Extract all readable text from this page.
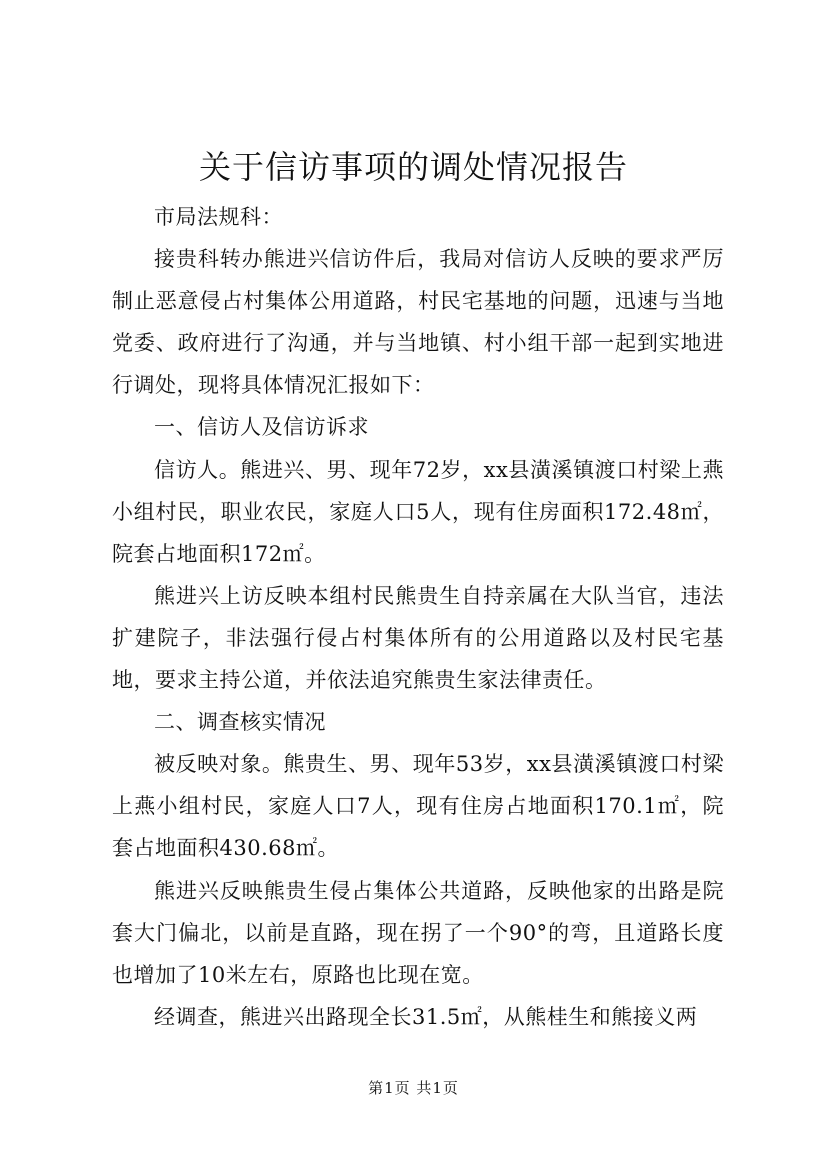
关于信访事项的调处情况报告

市局法规科：

接贵科转办熊进兴信访件后，我局对信访人反映的要求严厉制止恶意侵占村集体公用道路，村民宅基地的问题，迅速与当地党委、政府进行了沟通，并与当地镇、村小组干部一起到实地进行调处，现将具体情况汇报如下：

一、信访人及信访诉求

信访人。熊进兴、男、现年72岁，xx县潢溪镇渡口村梁上燕小组村民，职业农民，家庭人口5人，现有住房面积172.48㎡，院套占地面积172㎡。

熊进兴上访反映本组村民熊贵生自持亲属在大队当官，违法扩建院子，非法强行侵占村集体所有的公用道路以及村民宅基地，要求主持公道，并依法追究熊贵生家法律责任。

二、调查核实情况

被反映对象。熊贵生、男、现年53岁，xx县潢溪镇渡口村梁上燕小组村民，家庭人口7人，现有住房占地面积170.1㎡，院套占地面积430.68㎡。

熊进兴反映熊贵生侵占集体公共道路，反映他家的出路是院套大门偏北，以前是直路，现在拐了一个90°的弯，且道路长度也增加了10米左右，原路也比现在宽。

经调查，熊进兴出路现全长31.5㎡，从熊桂生和熊接义两

第1页 共1页
